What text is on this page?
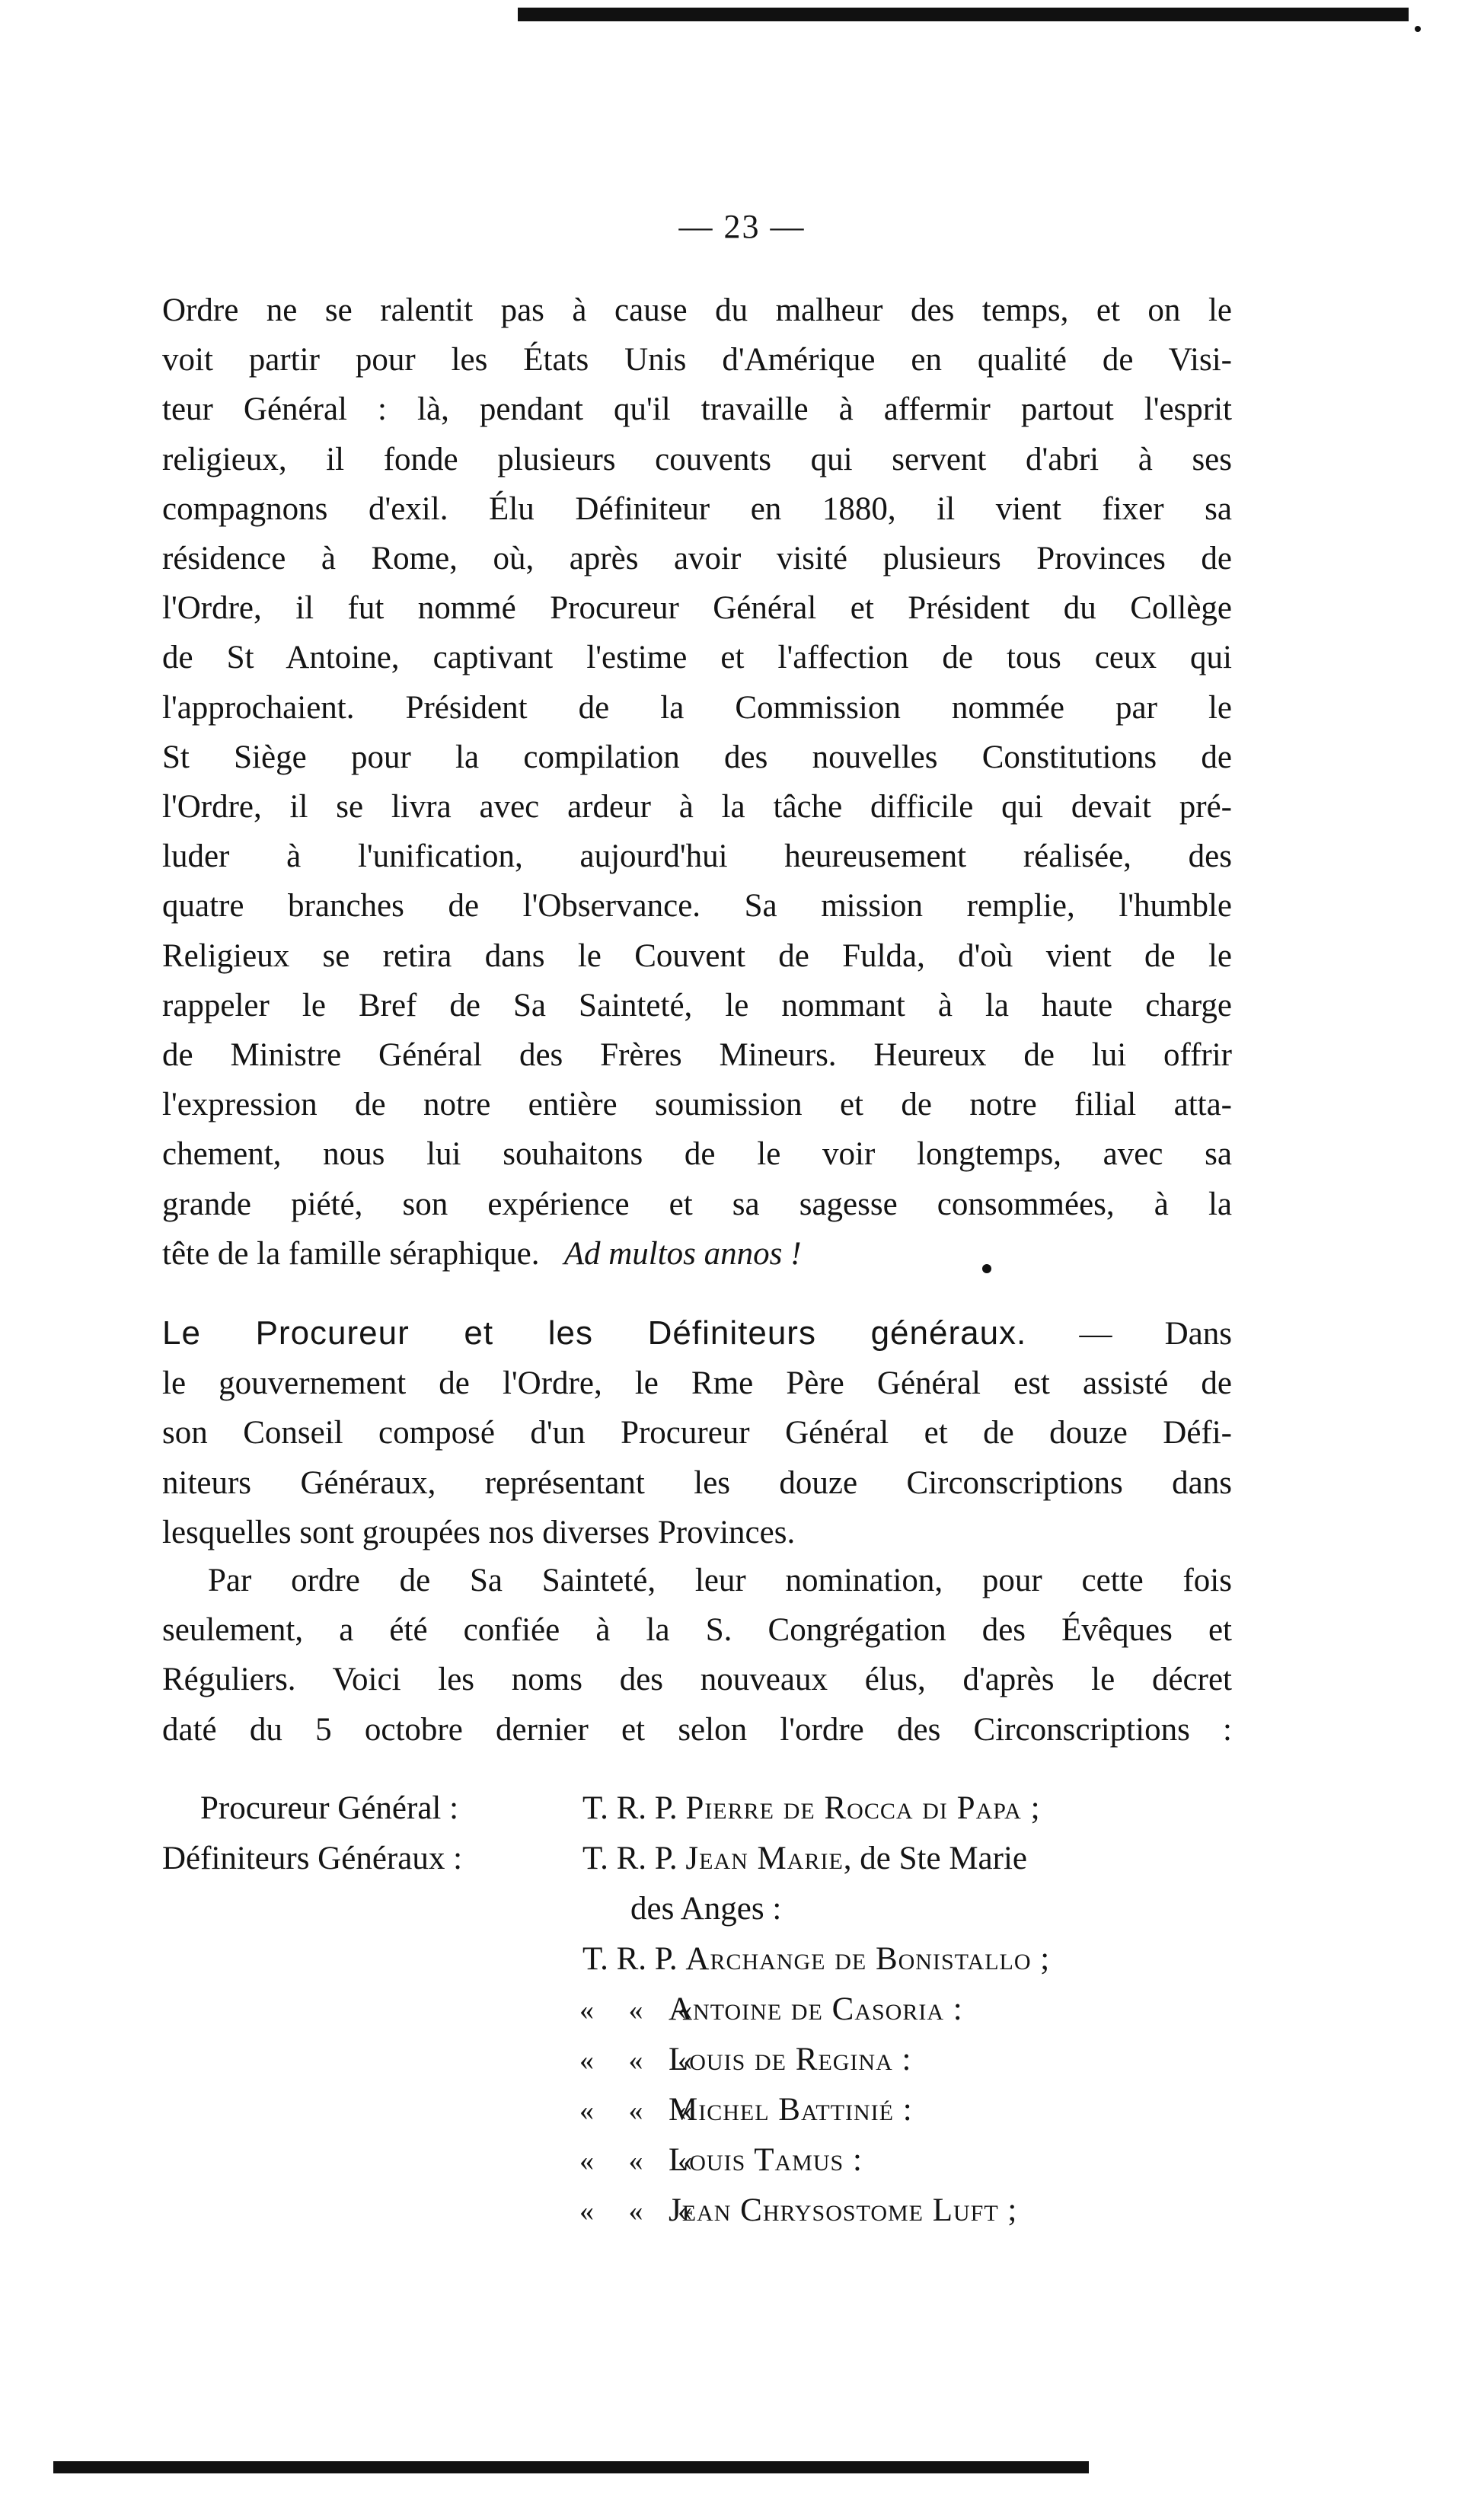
— 23 —
Ordre ne se ralentit pas à cause du malheur des temps, et on le
voit partir pour les États Unis d'Amérique en qualité de Visi-
teur Général : là, pendant qu'il travaille à affermir partout l'esprit
religieux, il fonde plusieurs couvents qui servent d'abri à ses
compagnons d'exil. Élu Définiteur en 1880, il vient fixer sa
résidence à Rome, où, après avoir visité plusieurs Provinces de
l'Ordre, il fut nommé Procureur Général et Président du Collège
de St Antoine, captivant l'estime et l'affection de tous ceux qui
l'approchaient. Président de la Commission nommée par le
St Siège pour la compilation des nouvelles Constitutions de
l'Ordre, il se livra avec ardeur à la tâche difficile qui devait pré-
luder à l'unification, aujourd'hui heureusement réalisée, des
quatre branches de l'Observance. Sa mission remplie, l'humble
Religieux se retira dans le Couvent de Fulda, d'où vient de le
rappeler le Bref de Sa Sainteté, le nommant à la haute charge
de Ministre Général des Frères Mineurs. Heureux de lui offrir
l'expression de notre entière soumission et de notre filial atta-
chement, nous lui souhaitons de le voir longtemps, avec sa
grande piété, son expérience et sa sagesse consommées, à la
tête de la famille séraphique. Ad multos annos !
Le Procureur et les Définiteurs généraux. — Dans
le gouvernement de l'Ordre, le Rme Père Général est assisté de
son Conseil composé d'un Procureur Général et de douze Défi-
niteurs Généraux, représentant les douze Circonscriptions dans
lesquelles sont groupées nos diverses Provinces.
Par ordre de Sa Sainteté, leur nomination, pour cette fois
seulement, a été confiée à la S. Congrégation des Évêques et
Réguliers. Voici les noms des nouveaux élus, d'après le décret
daté du 5 octobre dernier et selon l'ordre des Circonscriptions :
Procureur Général :	T. R. P. Pierre de Rocca di Papa ;
Définiteurs Généraux :	T. R. P. Jean Marie, de Ste Marie
des Anges :
T. R. P. Archange de Bonistallo ;
« « «
Antoine de Casoria :
« « «
Louis de Regina :
« « «
Michel Battinié :
« « «
Louis Tamus :
« « «
Jean Chrysostome Luft ;
